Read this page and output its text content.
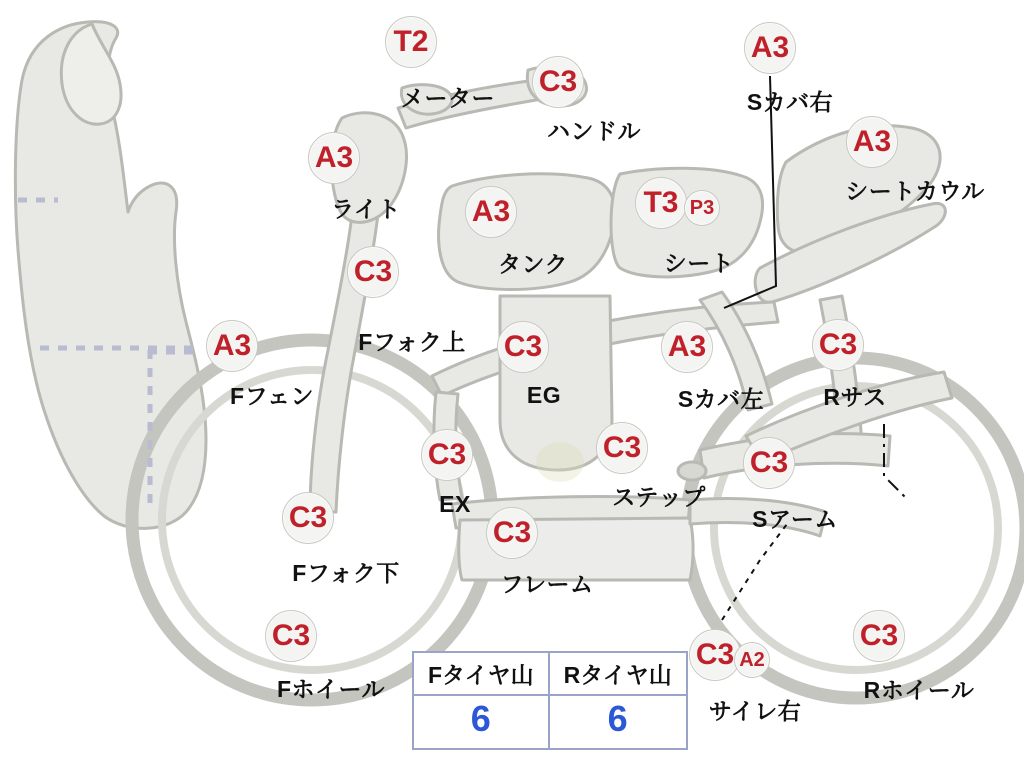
T2
メーター C3
ハンドル
A3
ライト A3
タンク
T3
シート
P3
A3
Sカバ右
A3
シートカウル
C3
Fフォク上
A3
Fフェン
C3
EG
A3
Sカバ左
C3
Rサス
C3
EX
C3
ステップ
C3
Sアーム
C3
Fフォク下
C3
フレーム
C3
Fホイール
C3
サイレ右
A2
C3
Rホイール
Fタイヤ山	Rタイヤ山
6	6
